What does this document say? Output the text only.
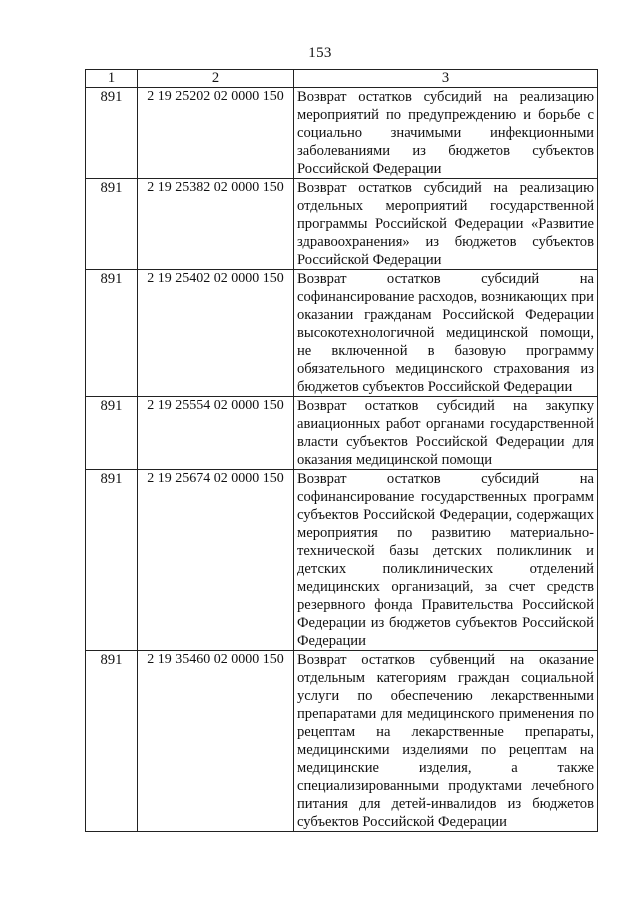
153
1	2	3
891	2 19 25202 02 0000 150	Возврат остатков субсидий на реализацию мероприятий по предупреждению и борьбе с социально значимыми инфекционными заболеваниями из бюджетов субъектов Российской Федерации
891	2 19 25382 02 0000 150	Возврат остатков субсидий на реализацию отдельных мероприятий государственной программы Российской Федерации «Развитие здравоохранения» из бюджетов субъектов Российской Федерации
891	2 19 25402 02 0000 150	Возврат остатков субсидий на софинансирование расходов, возникающих при оказании гражданам Российской Федерации высокотехнологичной медицинской помощи, не включенной в базовую программу обязательного медицинского страхования из бюджетов субъектов Российской Федерации
891	2 19 25554 02 0000 150	Возврат остатков субсидий на закупку авиационных работ органами государственной власти субъектов Российской Федерации для оказания медицинской помощи
891	2 19 25674 02 0000 150	Возврат остатков субсидий на софинансирование государственных программ субъектов Российской Федерации, содержащих мероприятия по развитию материально-технической базы детских поликлиник и детских поликлинических отделений медицинских организаций, за счет средств резервного фонда Правительства Российской Федерации из бюджетов субъектов Российской Федерации
891	2 19 35460 02 0000 150	Возврат остатков субвенций на оказание отдельным категориям граждан социальной услуги по обеспечению лекарственными препаратами для медицинского применения по рецептам на лекарственные препараты, медицинскими изделиями по рецептам на медицинские изделия, а также специализированными продуктами лечебного питания для детей-инвалидов из бюджетов субъектов Российской Федерации
